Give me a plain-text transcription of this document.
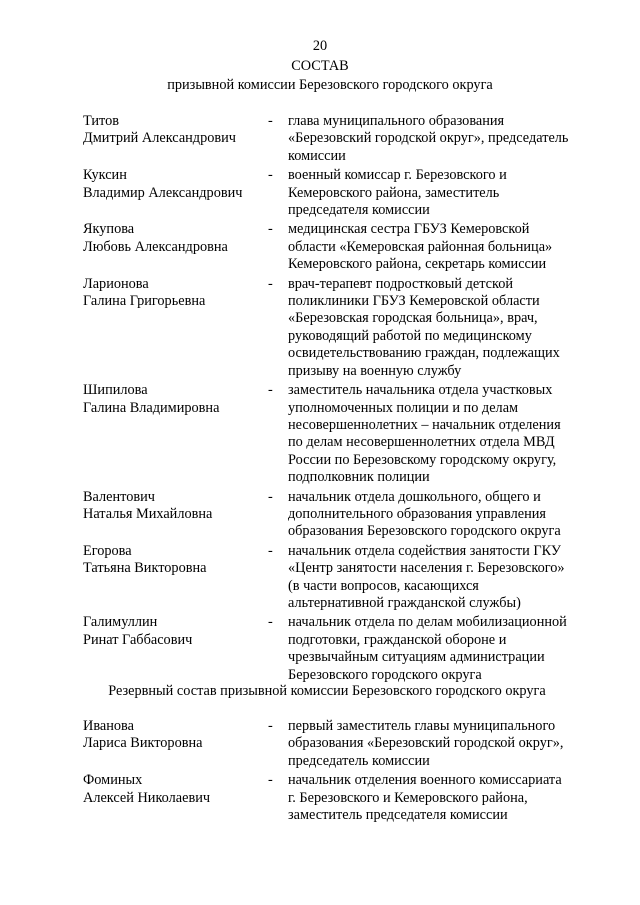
20
СОСТАВ
призывной комиссии Березовского городского округа
Титов
Дмитрий Александрович
-	глава муниципального образования
«Березовский городской округ», председатель
комиссии
Куксин
Владимир Александрович
-	военный комиссар г. Березовского и
Кемеровского района, заместитель
председателя комиссии
Якупова
Любовь Александровна
-	медицинская сестра ГБУЗ Кемеровской
области «Кемеровская районная больница»
Кемеровского района, секретарь комиссии
Ларионова
Галина Григорьевна
-	врач-терапевт подростковый детской
поликлиники ГБУЗ Кемеровской области
«Березовская городская больница», врач,
руководящий работой по медицинскому
освидетельствованию граждан, подлежащих
призыву на военную службу
Шипилова
Галина Владимировна
-	заместитель начальника отдела участковых
уполномоченных полиции и по делам
несовершеннолетних – начальник отделения
по делам несовершеннолетних отдела МВД
России по Березовскому городскому округу,
подполковник полиции
Валентович
Наталья Михайловна
-	начальник отдела дошкольного, общего и
дополнительного образования управления
образования Березовского городского округа
Егорова
Татьяна Викторовна
-	начальник отдела содействия занятости ГКУ
«Центр занятости населения г. Березовского»
(в части вопросов, касающихся
альтернативной гражданской службы)
Галимуллин
Ринат Габбасович
-	начальник отдела по делам мобилизационной
подготовки, гражданской обороне и
чрезвычайным ситуациям администрации
Березовского городского округа
Резервный состав призывной комиссии Березовского городского округа
Иванова
Лариса Викторовна
-	первый заместитель главы муниципального
образования «Березовский городской округ»,
председатель комиссии
Фоминых
Алексей Николаевич
-	начальник отделения военного комиссариата
г. Березовского и Кемеровского района,
заместитель председателя комиссии
